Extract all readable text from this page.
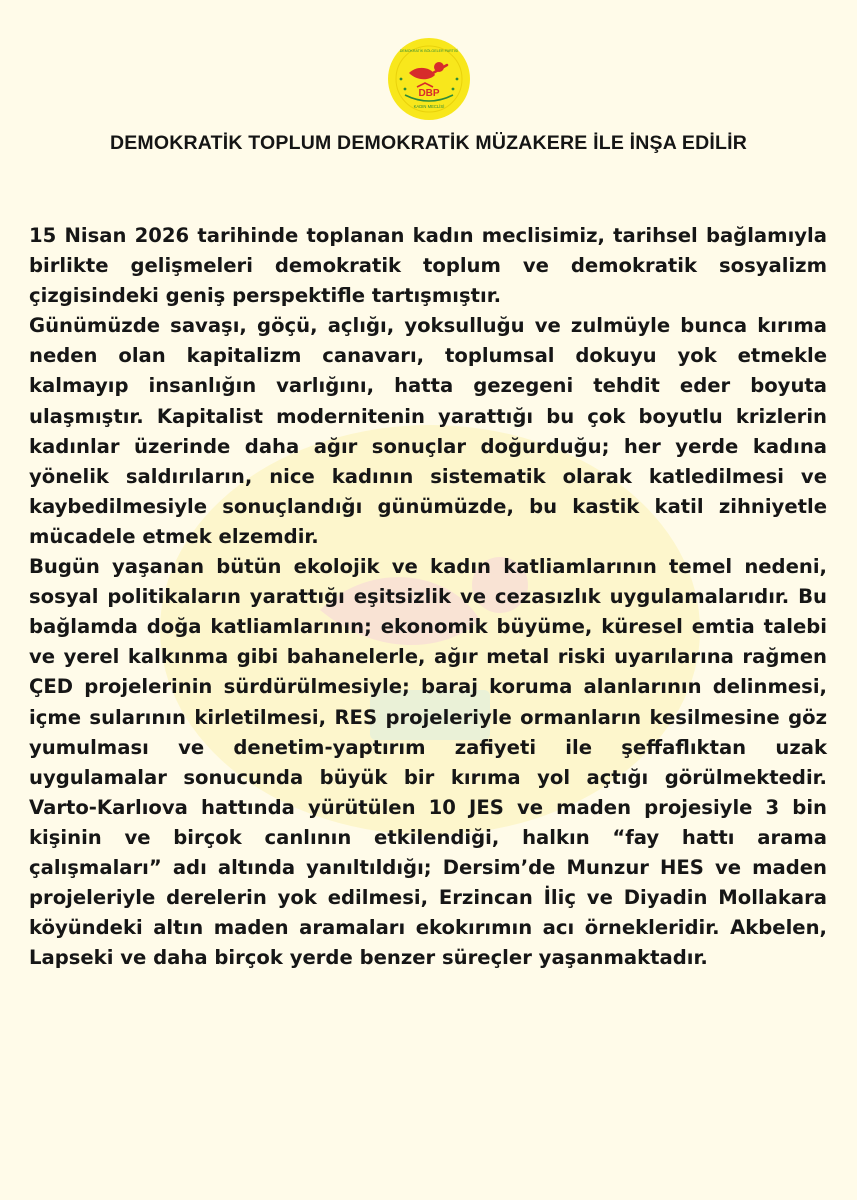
DBP
KADIN MECLİSİ
DEMOKRATİK BÖLGELER PARTİSİ
DEMOKRATİK TOPLUM DEMOKRATİK MÜZAKERE İLE İNŞA EDİLİR

15 Nisan 2026 tarihinde toplanan kadın meclisimiz, tarihsel bağlamıyla birlikte gelişmeleri demokratik toplum ve demokratik sosyalizm çizgisindeki geniş perspektifle tartışmıştır.

Günümüzde savaşı, göçü, açlığı, yoksulluğu ve zulmüyle bunca kırıma neden olan kapitalizm canavarı, toplumsal dokuyu yok etmekle kalmayıp insanlığın varlığını, hatta gezegeni tehdit eder boyuta ulaşmıştır. Kapitalist modernitenin yarattığı bu çok boyutlu krizlerin kadınlar üzerinde daha ağır sonuçlar doğurduğu; her yerde kadına yönelik saldırıların, nice kadının sistematik olarak katledilmesi ve kaybedilmesiyle sonuçlandığı günümüzde, bu kastik katil zihniyetle mücadele etmek elzemdir.

Bugün yaşanan bütün ekolojik ve kadın katliamlarının temel nedeni, sosyal politikaların yarattığı eşitsizlik ve cezasızlık uygulamalarıdır. Bu bağlamda doğa katliamlarının; ekonomik büyüme, küresel emtia talebi ve yerel kalkınma gibi bahanelerle, ağır metal riski uyarılarına rağmen ÇED projelerinin sürdürülmesiyle; baraj koruma alanlarının delinmesi, içme sularının kirletilmesi, RES projeleriyle ormanların kesilmesine göz yumulması ve denetim-yaptırım zafiyeti ile şeffaflıktan uzak uygulamalar sonucunda büyük bir kırıma yol açtığı görülmektedir. Varto-Karlıova hattında yürütülen 10 JES ve maden projesiyle 3 bin kişinin ve birçok canlının etkilendiği, halkın “fay hattı arama çalışmaları” adı altında yanıltıldığı; Dersim’de Munzur HES ve maden projeleriyle derelerin yok edilmesi, Erzincan İliç ve Diyadin Mollakara köyündeki altın maden aramaları ekokırımın acı örnekleridir. Akbelen, Lapseki ve daha birçok yerde benzer süreçler yaşanmaktadır.
